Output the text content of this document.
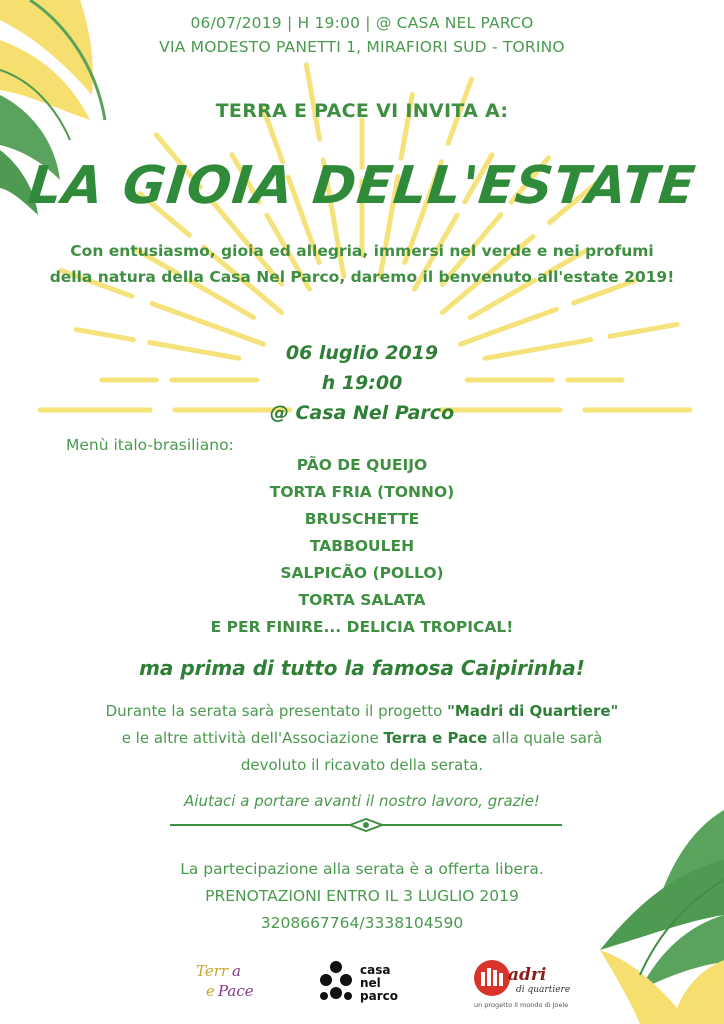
06/07/2019 | H 19:00 | @ CASA NEL PARCO
VIA MODESTO PANETTI 1, MIRAFIORI SUD - TORINO
TERRA E PACE VI INVITA A:
LA GIOIA DELL'ESTATE
Con entusiasmo, gioia ed allegria, immersi nel verde e nei profumi
della natura della Casa Nel Parco, daremo il benvenuto all'estate 2019!
06 luglio 2019
h 19:00
@ Casa Nel Parco
Menù italo-brasiliano:
PÃO DE QUEIJO
TORTA FRIA (TONNO)
BRUSCHETTE
TABBOULEH
SALPICÃO (POLLO)
TORTA SALATA
E PER FINIRE... DELICIA TROPICAL!
ma prima di tutto la famosa Caipirinha!
Durante la serata sarà presentato il progetto "Madri di Quartiere"
e le altre attività dell'Associazione Terra e Pace alla quale sarà
devoluto il ricavato della serata.
Aiutaci a portare avanti il nostro lavoro, grazie!
La partecipazione alla serata è a offerta libera.
PRENOTAZIONI ENTRO IL 3 LUGLIO 2019
3208667764/3338104590
Terr a
e Pace
casa
nel
parco
adri
di quartiere
un progetto Il mondo di Joele
